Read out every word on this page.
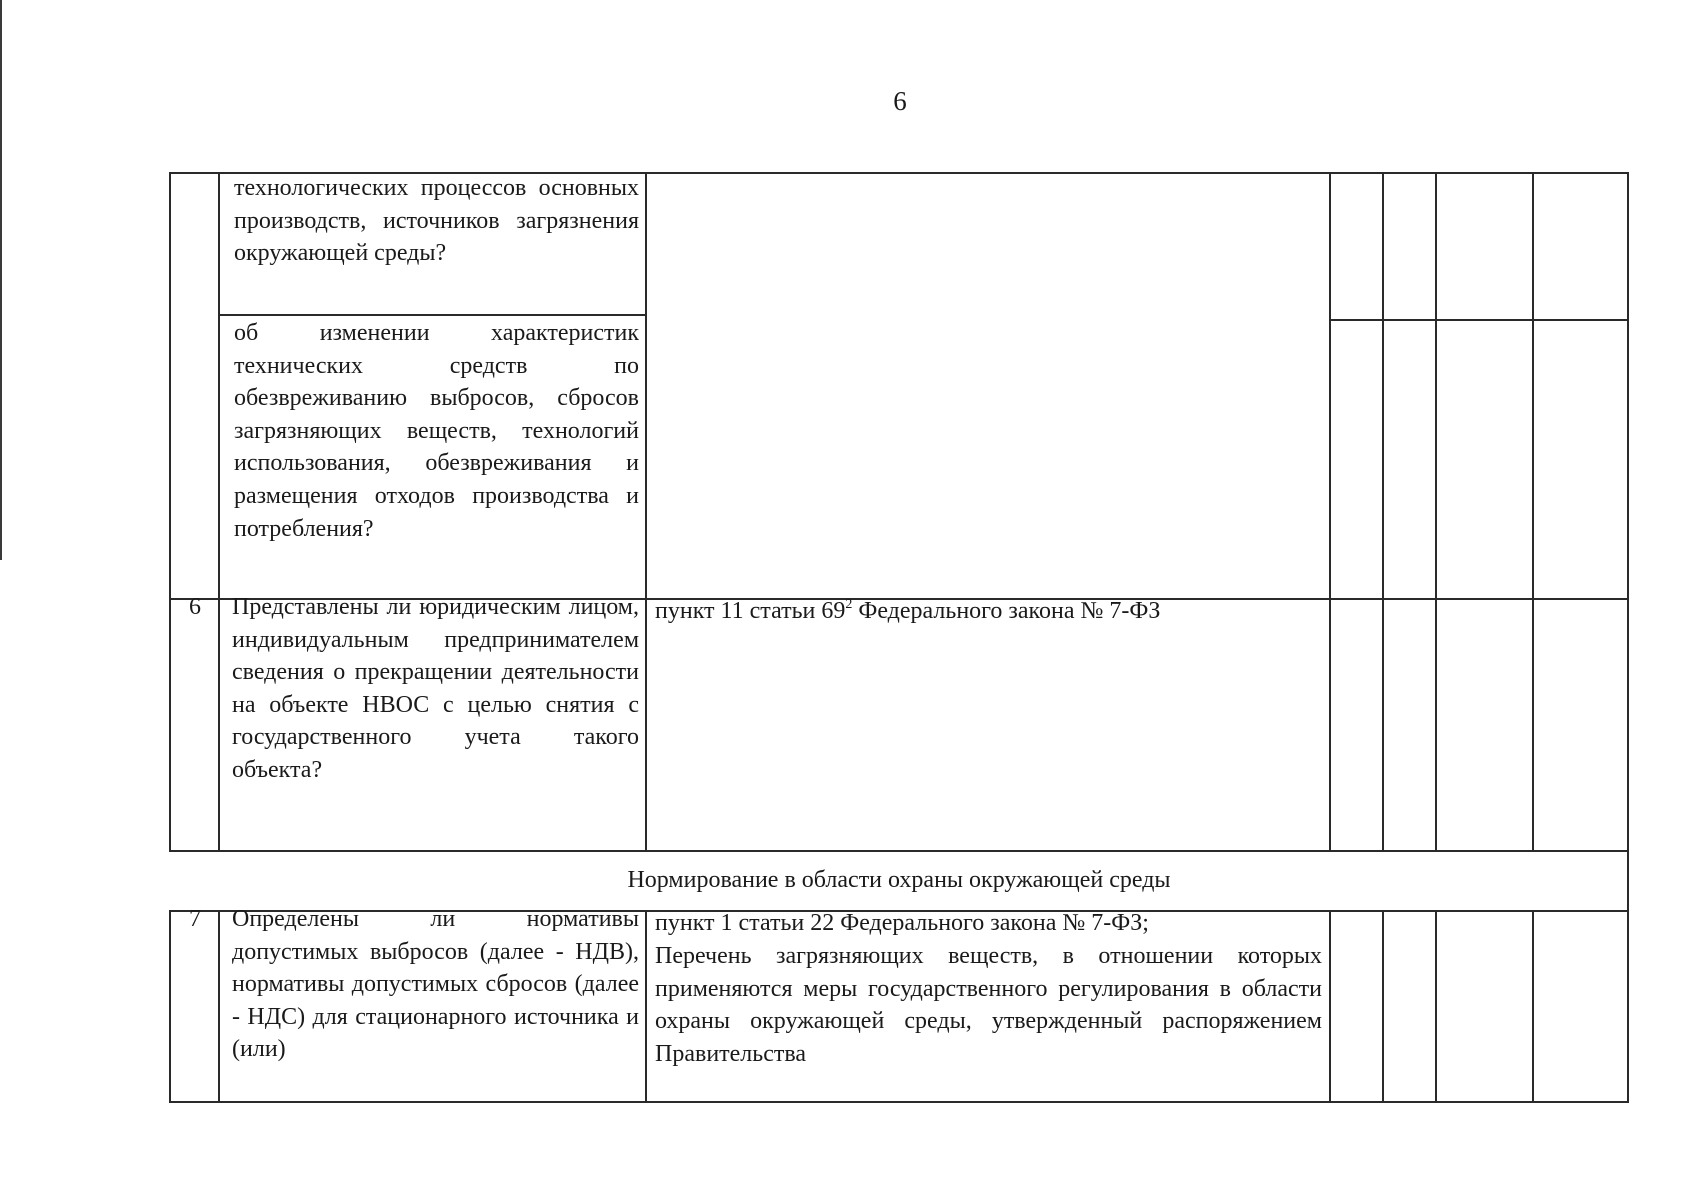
6
технологических процессов основных производств, источников загрязнения окружающей среды?
об изменении характеристик технических средств по обезвреживанию выбросов, сбросов загрязняющих веществ, технологий использования, обезвреживания и размещения отходов производства и потребления?
6	Представлены ли юридическим лицом, индивидуальным предпринимателем сведения о прекращении деятельности на объекте НВОС с целью снятия с государственного учета такого объекта?
пункт 11 статьи $69^2$ Федерального закона № 7-ФЗ
Нормирование в области охраны окружающей среды
7	Определены ли нормативы допустимых выбросов (далее - НДВ), нормативы допустимых сбросов (далее - НДС) для стационарного источника и (или)
пункт 1 статьи 22 Федерального закона № 7-ФЗ;
Перечень загрязняющих веществ, в отношении которых применяются меры государственного регулирования в области охраны окружающей среды, утвержденный распоряжением Правительства
